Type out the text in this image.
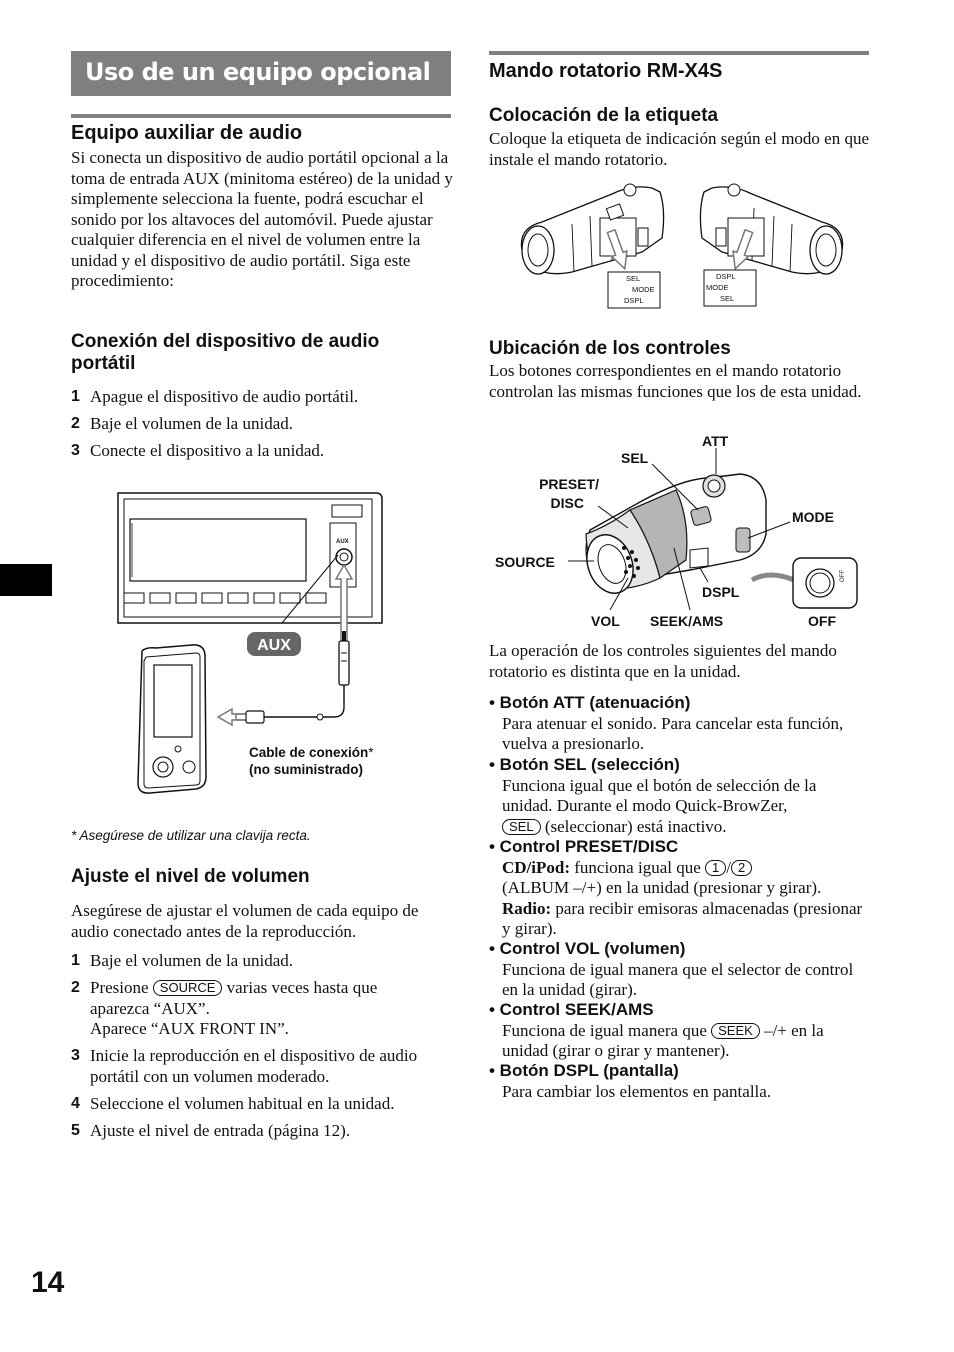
Uso de un equipo opcional
Equipo auxiliar de audio
Si conecta un dispositivo de audio portátil opcional a la toma de entrada AUX (minitoma estéreo) de la unidad y simplemente selecciona la fuente, podrá escuchar el sonido por los altavoces del automóvil. Puede ajustar cualquier diferencia en el nivel de volumen entre la unidad y el dispositivo de audio portátil. Siga este procedimiento:
Conexión del dispositivo de audio
portátil
1 Apague el dispositivo de audio portátil.
2 Baje el volumen de la unidad.
3 Conecte el dispositivo a la unidad.
AUX
AUX
Cable de conexión*
(no suministrado)
* Asegúrese de utilizar una clavija recta.
Ajuste el nivel de volumen
Asegúrese de ajustar el volumen de cada equipo de audio conectado antes de la reproducción.
1 Baje el volumen de la unidad.
2 Presione SOURCE varias veces hasta que
aparezca “AUX”.
Aparece “AUX FRONT IN”.
3 Inicie la reproducción en el dispositivo de audio portátil con un volumen moderado.
4 Seleccione el volumen habitual en la unidad.
5 Ajuste el nivel de entrada (página 12).
14
Mando rotatorio RM-X4S
Colocación de la etiqueta
Coloque la etiqueta de indicación según el modo en que instale el mando rotatorio.
SEL
MODE
DSPL
DSPL
MODE
SEL
Ubicación de los controles
Los botones correspondientes en el mando rotatorio controlan las mismas funciones que los de esta unidad.
OFF
ATT
SEL
PRESET/
DISC
MODE
SOURCE
DSPL
VOL SEEK/AMS	OFF
La operación de los controles siguientes del mando rotatorio es distinta que en la unidad.
• Botón ATT (atenuación)
Para atenuar el sonido. Para cancelar esta función, vuelva a presionarlo.
• Botón SEL (selección)
Funciona igual que el botón de selección de la unidad. Durante el modo Quick-BrowZer,
SEL (seleccionar) está inactivo.
• Control PRESET/DISC
CD/iPod: funciona igual que 1 / 2
(ALBUM –/+) en la unidad (presionar y girar).
Radio: para recibir emisoras almacenadas (presionar y girar).
• Control VOL (volumen)
Funciona de igual manera que el selector de control en la unidad (girar).
• Control SEEK/AMS
Funciona de igual manera que SEEK –/+ en la unidad (girar o girar y mantener).
• Botón DSPL (pantalla)
Para cambiar los elementos en pantalla.
